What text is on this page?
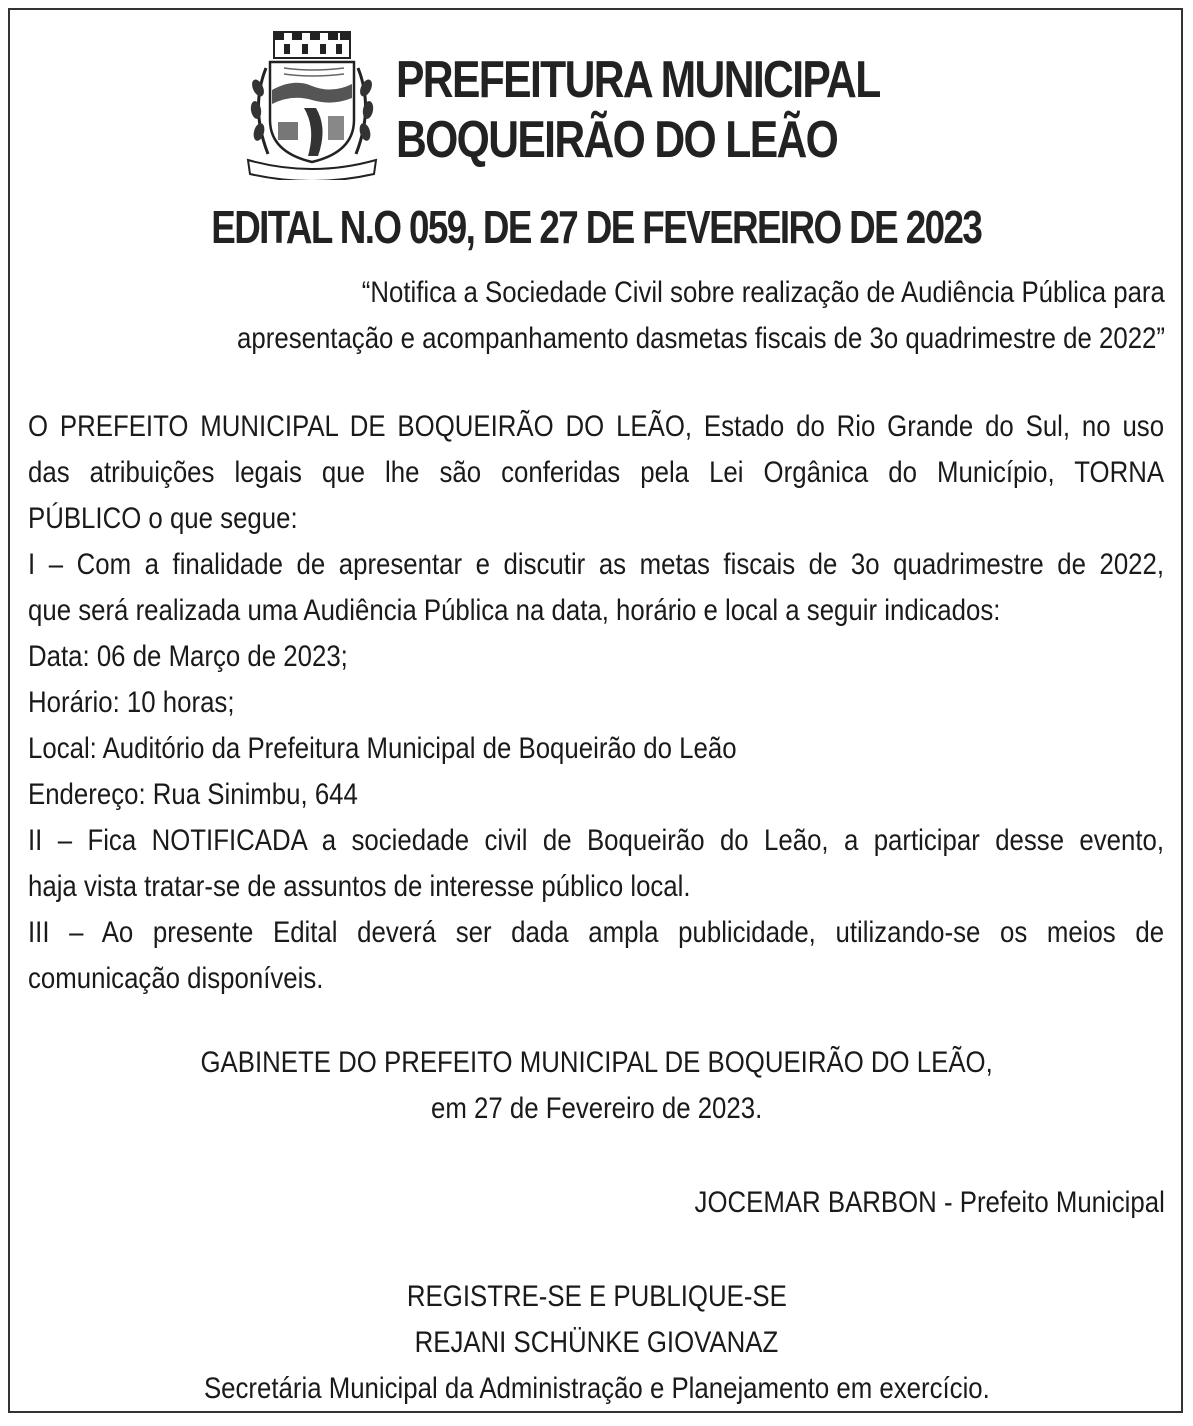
PREFEITURA MUNICIPAL
BOQUEIRÃO DO LEÃO
EDITAL N.O 059, DE 27 DE FEVEREIRO DE 2023
“Notifica a Sociedade Civil sobre realização de Audiência Pública para
apresentação e acompanhamento dasmetas fiscais de 3o quadrimestre de 2022”
O PREFEITO MUNICIPAL DE BOQUEIRÃO DO LEÃO, Estado do Rio Grande do Sul, no uso
das atribuições legais que lhe são conferidas pela Lei Orgânica do Município, TORNA
PÚBLICO o que segue:
I – Com a finalidade de apresentar e discutir as metas fiscais de 3o quadrimestre de 2022,
que será realizada uma Audiência Pública na data, horário e local a seguir indicados:
Data: 06 de Março de 2023;
Horário: 10 horas;
Local: Auditório da Prefeitura Municipal de Boqueirão do Leão
Endereço: Rua Sinimbu, 644
II – Fica NOTIFICADA a sociedade civil de Boqueirão do Leão, a participar desse evento,
haja vista tratar-se de assuntos de interesse público local.
III – Ao presente Edital deverá ser dada ampla publicidade, utilizando-se os meios de
comunicação disponíveis.
GABINETE DO PREFEITO MUNICIPAL DE BOQUEIRÃO DO LEÃO,
em 27 de Fevereiro de 2023.
JOCEMAR BARBON - Prefeito Municipal
REGISTRE-SE E PUBLIQUE-SE
REJANI SCHÜNKE GIOVANAZ
Secretária Municipal da Administração e Planejamento em exercício.
